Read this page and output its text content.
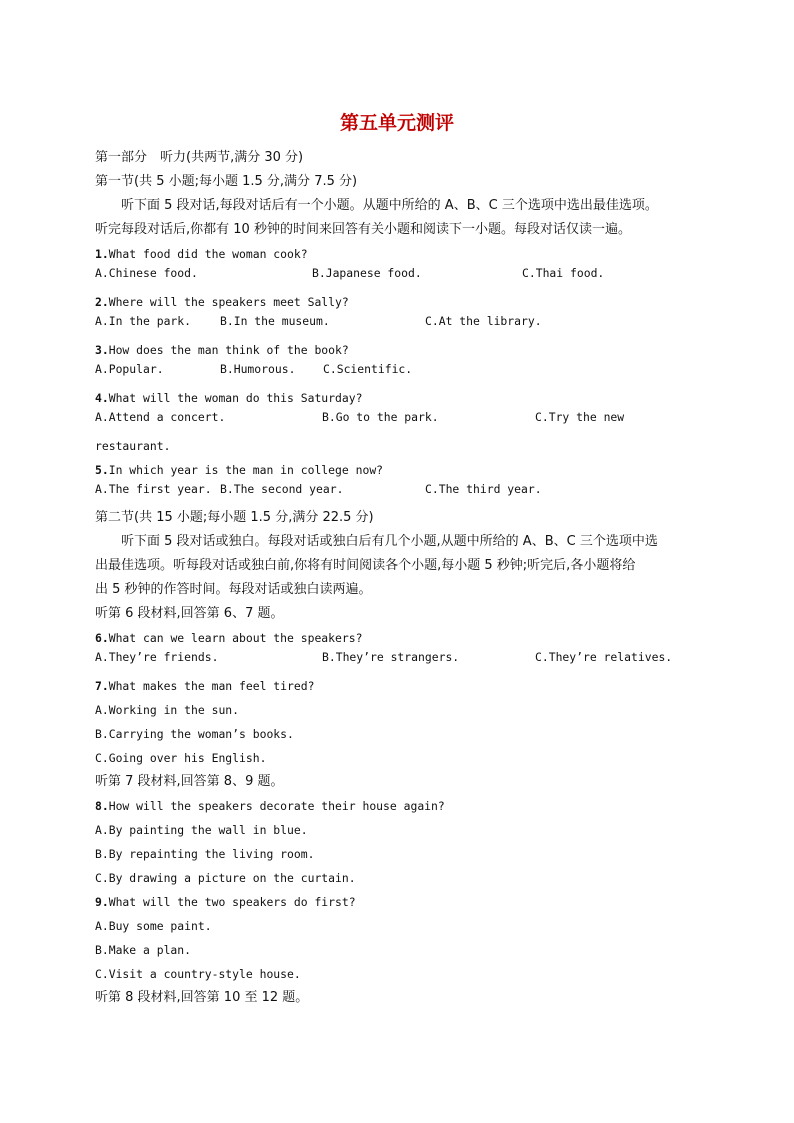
第五单元测评
第一部分　听力(共两节,满分 30 分)
第一节(共 5 小题;每小题 1.5 分,满分 7.5 分)
听下面 5 段对话,每段对话后有一个小题。从题中所给的 A、B、C 三个选项中选出最佳选项。
听完每段对话后,你都有 10 秒钟的时间来回答有关小题和阅读下一小题。每段对话仅读一遍。
1.What food did the woman cook?
A.Chinese food.	B.Japanese food.	C.Thai food.
2.Where will the speakers meet Sally?
A.In the park.	B.In the museum.	C.At the library.
3.How does the man think of the book?
A.Popular.	B.Humorous. C.Scientific.
4.What will the woman do this Saturday?
A.Attend a concert.	B.Go to the park.	C.Try the new
restaurant.
5.In which year is the man in college now?
A.The first year. B.The second year.	C.The third year.
第二节(共 15 小题;每小题 1.5 分,满分 22.5 分)
听下面 5 段对话或独白。每段对话或独白后有几个小题,从题中所给的 A、B、C 三个选项中选
出最佳选项。听每段对话或独白前,你将有时间阅读各个小题,每小题 5 秒钟;听完后,各小题将给
出 5 秒钟的作答时间。每段对话或独白读两遍。
听第 6 段材料,回答第 6、7 题。
6.What can we learn about the speakers?
A.They’re friends.	B.They’re strangers.	C.They’re relatives.
7.What makes the man feel tired?
A.Working in the sun.
B.Carrying the woman’s books.
C.Going over his English.
听第 7 段材料,回答第 8、9 题。
8.How will the speakers decorate their house again?
A.By painting the wall in blue.
B.By repainting the living room.
C.By drawing a picture on the curtain.
9.What will the two speakers do first?
A.Buy some paint.
B.Make a plan.
C.Visit a country-style house.
听第 8 段材料,回答第 10 至 12 题。
